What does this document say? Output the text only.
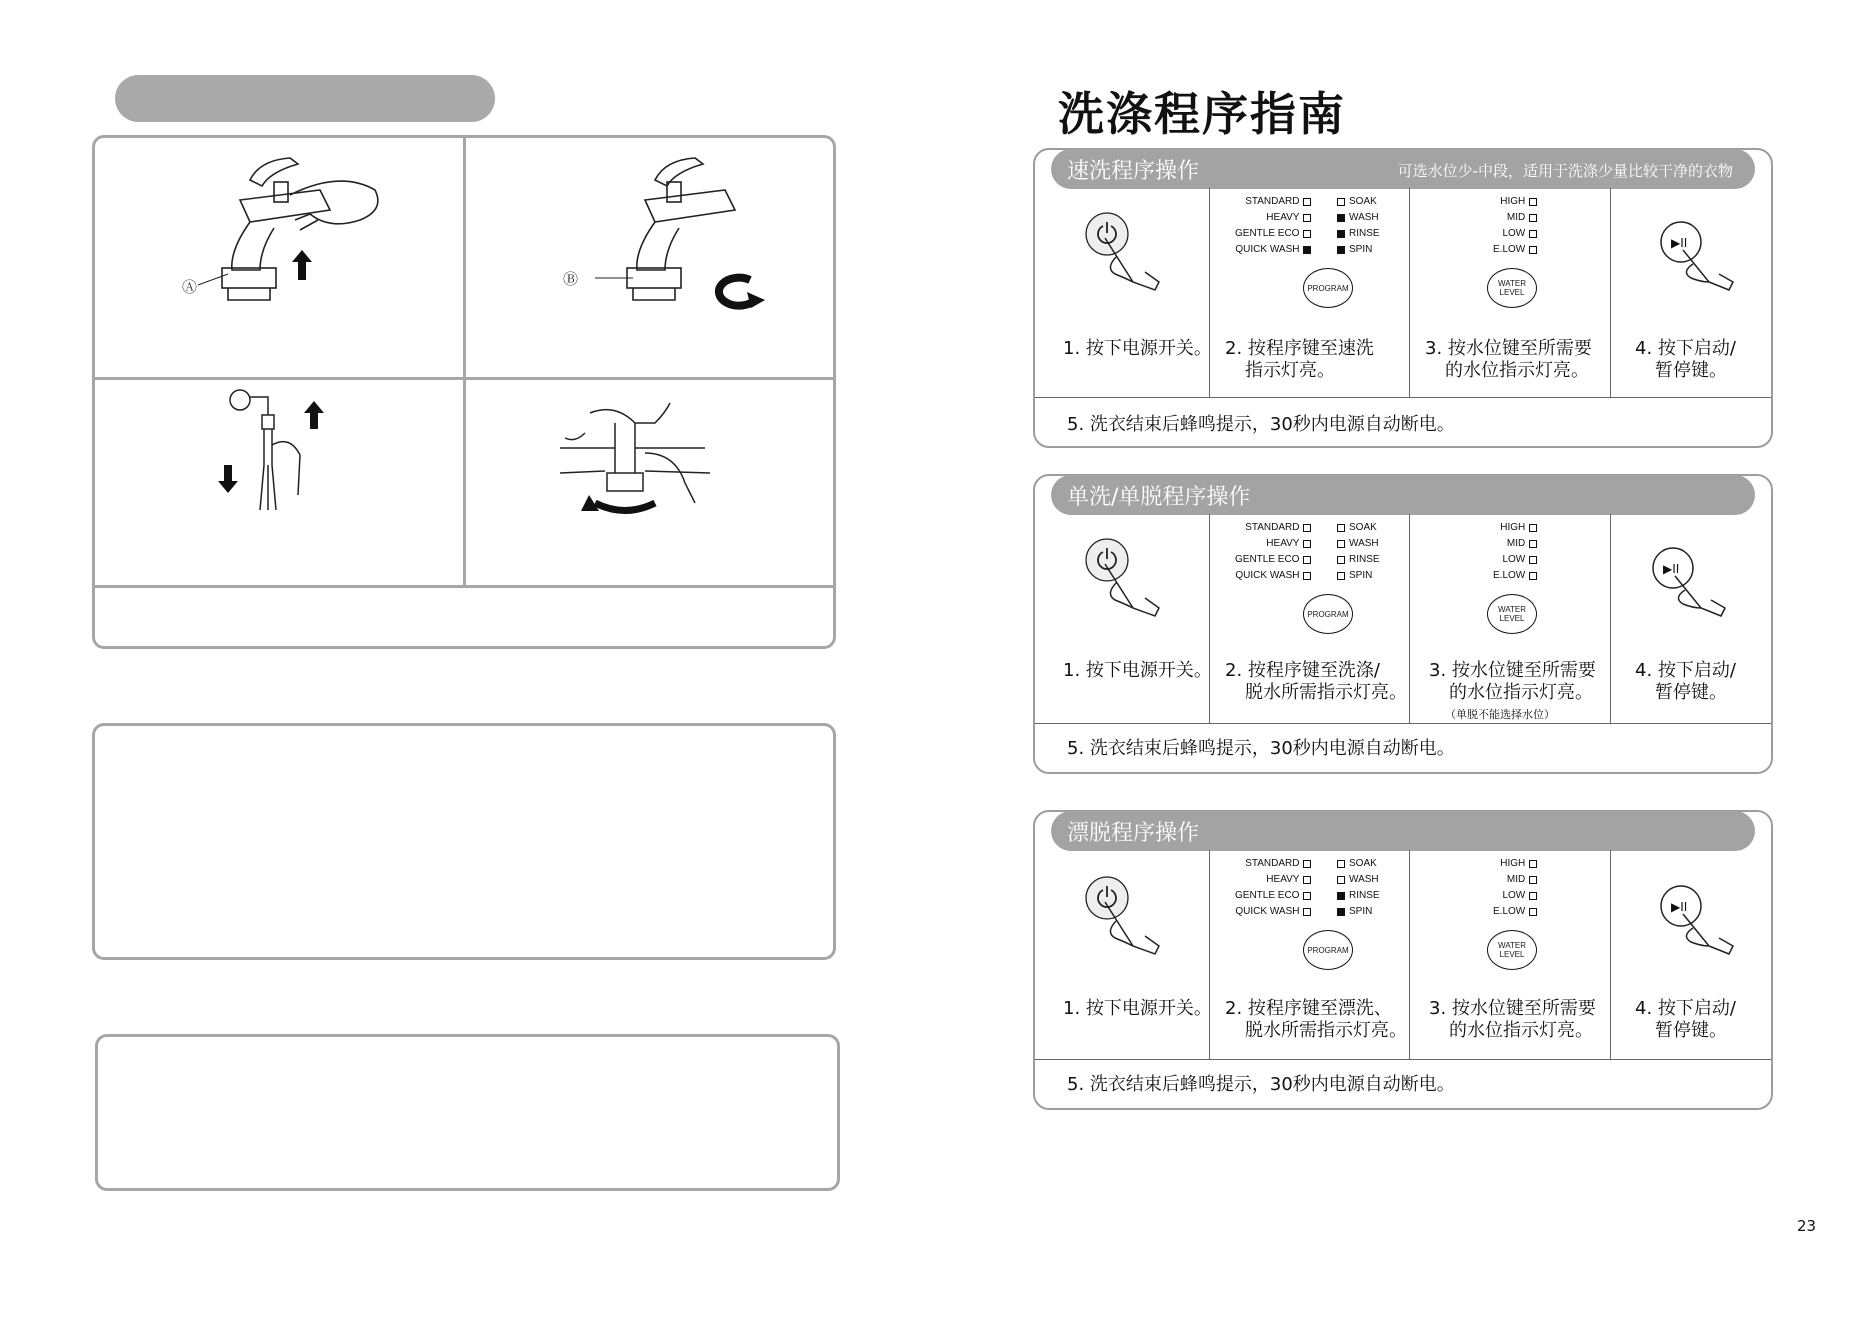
Ⓐ	Ⓑ
洗涤程序指南
速洗程序操作	可选水位少-中段，适用于洗涤少量比较干净的衣物
STANDARD
HEAVY
GENTLE ECO
QUICK WASH
SOAK
WASH
RINSE
SPIN
PROGRAM
HIGH
MID
LOW
E.LOW
WATER
LEVEL
▶II
1. 按下电源开关。 2. 按程序键至速洗
指示灯亮。
3. 按水位键至所需要
的水位指示灯亮。
4. 按下启动/
暂停键。
5. 洗衣结束后蜂鸣提示，30秒内电源自动断电。
单洗/单脱程序操作
STANDARD
HEAVY
GENTLE ECO
QUICK WASH
SOAK
WASH
RINSE
SPIN
PROGRAM
HIGH
MID
LOW
E.LOW
WATER
LEVEL
▶II
1. 按下电源开关。 2. 按程序键至洗涤/
脱水所需指示灯亮。
3. 按水位键至所需要
的水位指示灯亮。
（单脱不能选择水位）
4. 按下启动/
暂停键。
5. 洗衣结束后蜂鸣提示，30秒内电源自动断电。
漂脱程序操作
STANDARD
HEAVY
GENTLE ECO
QUICK WASH
SOAK
WASH
RINSE
SPIN
PROGRAM
HIGH
MID
LOW
E.LOW
WATER
LEVEL
▶II
1. 按下电源开关。 2. 按程序键至漂洗、
脱水所需指示灯亮。
3. 按水位键至所需要
的水位指示灯亮。
4. 按下启动/
暂停键。
5. 洗衣结束后蜂鸣提示，30秒内电源自动断电。
23
